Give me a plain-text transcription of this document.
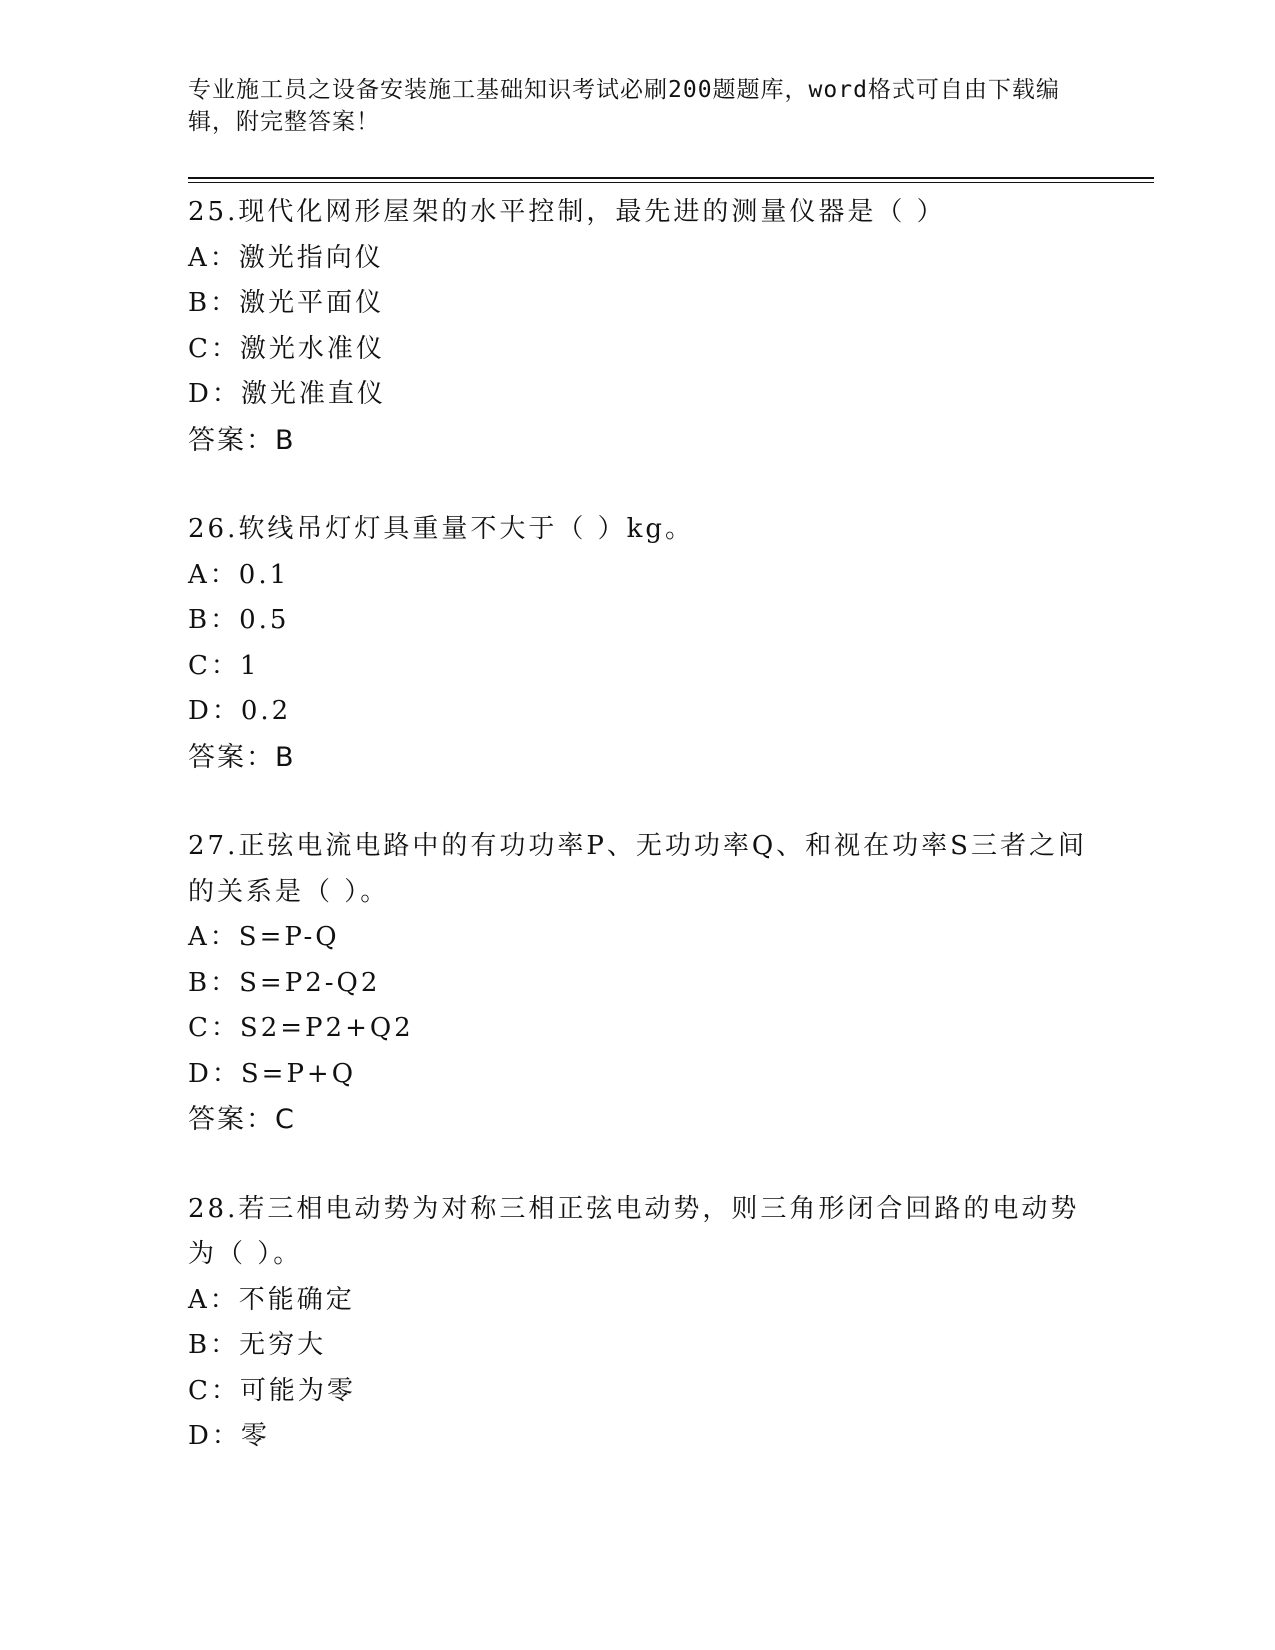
专业施工员之设备安装施工基础知识考试必刷200题题库，word格式可自由下载编辑，附完整答案！
25.现代化网形屋架的水平控制，最先进的测量仪器是（ ）
A：激光指向仪
B：激光平面仪
C：激光水准仪
D：激光准直仪
答案：B
26.软线吊灯灯具重量不大于（ ）kg。
A：0.1
B：0.5
C：1
D：0.2
答案：B
27.正弦电流电路中的有功功率P、无功功率Q、和视在功率S三者之间的关系是（ ）。
A：S=P-Q
B：S=P2-Q2
C：S2=P2+Q2
D：S=P+Q
答案：C
28.若三相电动势为对称三相正弦电动势，则三角形闭合回路的电动势为（ ）。
A：不能确定
B：无穷大
C：可能为零
D：零
